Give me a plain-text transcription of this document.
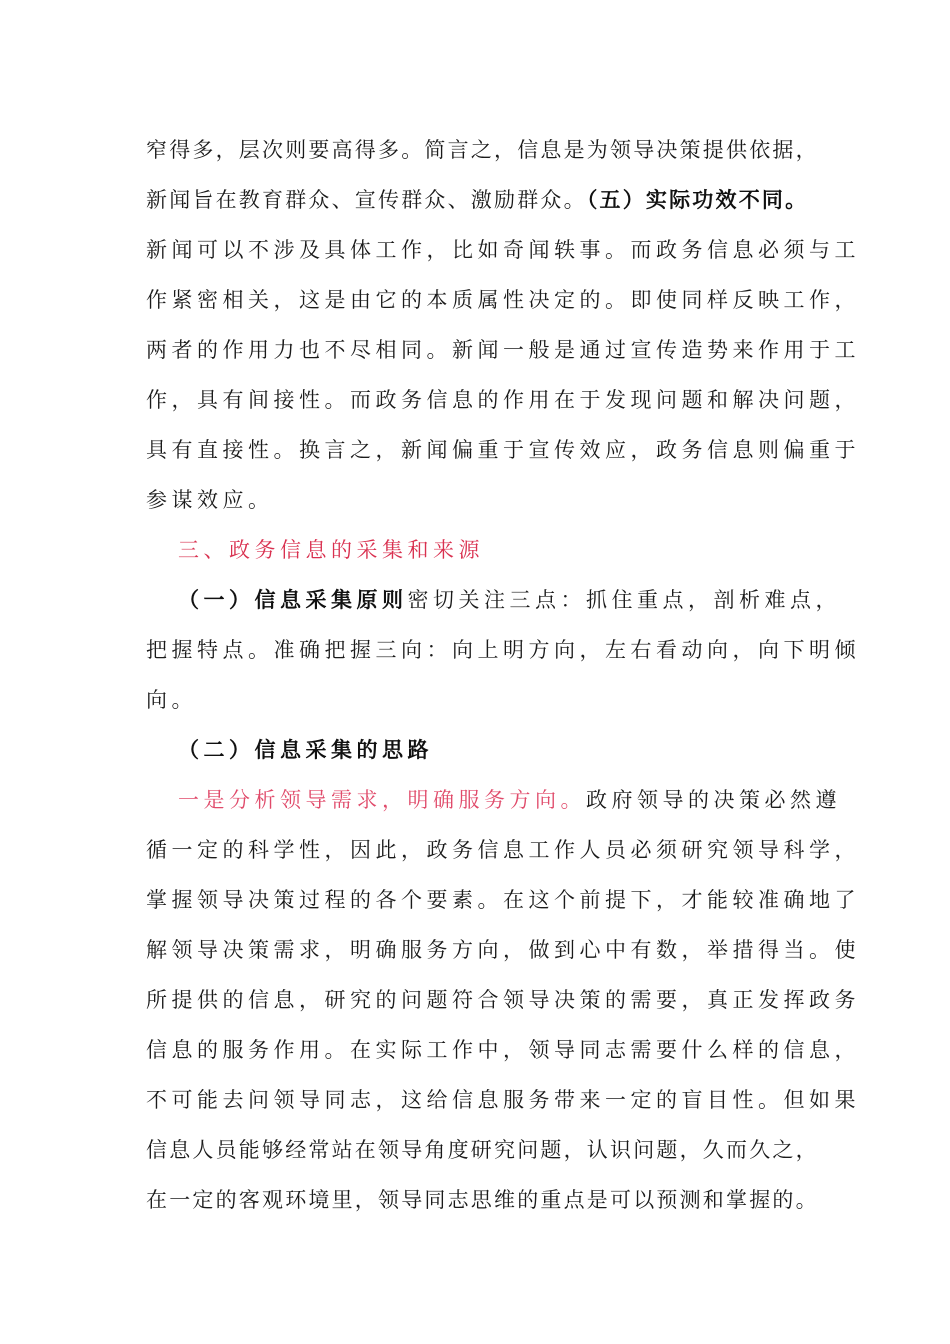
窄得多，层次则要高得多。简言之，信息是为领导决策提供依据，
新闻旨在教育群众、宣传群众、激励群众。（五）实际功效不同。
新闻可以不涉及具体工作，比如奇闻轶事。而政务信息必须与工
作紧密相关，这是由它的本质属性决定的。即使同样反映工作，
两者的作用力也不尽相同。新闻一般是通过宣传造势来作用于工
作，具有间接性。而政务信息的作用在于发现问题和解决问题，
具有直接性。换言之，新闻偏重于宣传效应，政务信息则偏重于
参谋效应。
三、政务信息的采集和来源
（一）信息采集原则密切关注三点：抓住重点，剖析难点，
把握特点。准确把握三向：向上明方向，左右看动向，向下明倾
向。
（二）信息采集的思路
一是分析领导需求，明确服务方向。政府领导的决策必然遵
循一定的科学性，因此，政务信息工作人员必须研究领导科学，
掌握领导决策过程的各个要素。在这个前提下，才能较准确地了
解领导决策需求，明确服务方向，做到心中有数，举措得当。使
所提供的信息，研究的问题符合领导决策的需要，真正发挥政务
信息的服务作用。在实际工作中，领导同志需要什么样的信息，
不可能去问领导同志，这给信息服务带来一定的盲目性。但如果
信息人员能够经常站在领导角度研究问题，认识问题，久而久之，
在一定的客观环境里，领导同志思维的重点是可以预测和掌握的。
